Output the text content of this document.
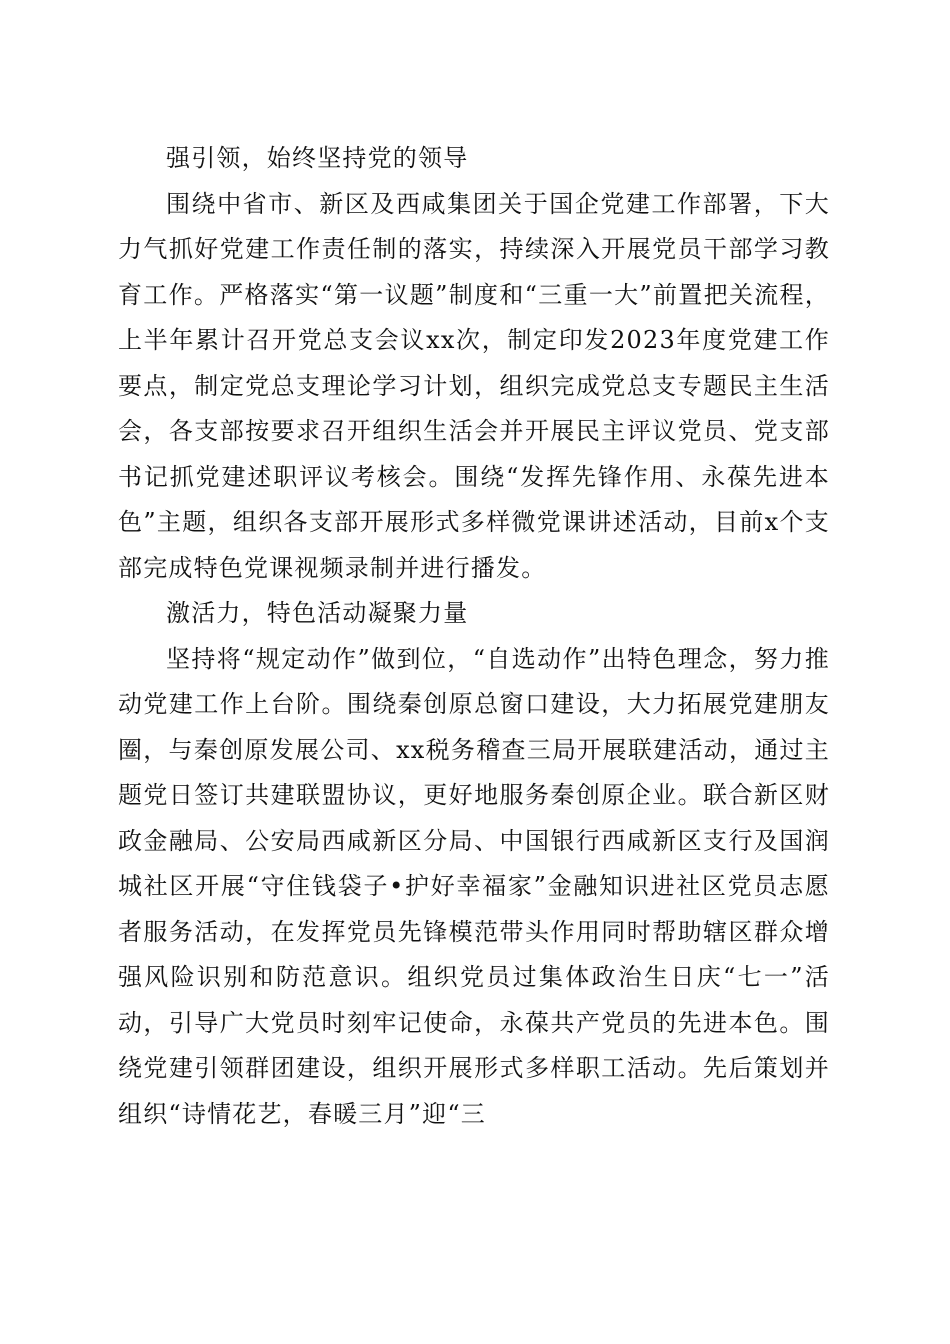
强引领，始终坚持党的领导

围绕中省市、新区及西咸集团关于国企党建工作部署，下大力气抓好党建工作责任制的落实，持续深入开展党员干部学习教育工作。严格落实“第一议题”制度和“三重一大”前置把关流程，上半年累计召开党总支会议xx次，制定印发2023年度党建工作要点，制定党总支理论学习计划，组织完成党总支专题民主生活会，各支部按要求召开组织生活会并开展民主评议党员、党支部书记抓党建述职评议考核会。围绕“发挥先锋作用、永葆先进本色”主题，组织各支部开展形式多样微党课讲述活动，目前x个支部完成特色党课视频录制并进行播发。

激活力，特色活动凝聚力量

坚持将“规定动作”做到位，“自选动作”出特色理念，努力推动党建工作上台阶。围绕秦创原总窗口建设，大力拓展党建朋友圈，与秦创原发展公司、xx税务稽查三局开展联建活动，通过主题党日签订共建联盟协议，更好地服务秦创原企业。联合新区财政金融局、公安局西咸新区分局、中国银行西咸新区支行及国润城社区开展“守住钱袋子•护好幸福家”金融知识进社区党员志愿者服务活动，在发挥党员先锋模范带头作用同时帮助辖区群众增强风险识别和防范意识。组织党员过集体政治生日庆“七一”活动，引导广大党员时刻牢记使命，永葆共产党员的先进本色。围绕党建引领群团建设，组织开展形式多样职工活动。先后策划并组织“诗情花艺，春暖三月”迎“三
